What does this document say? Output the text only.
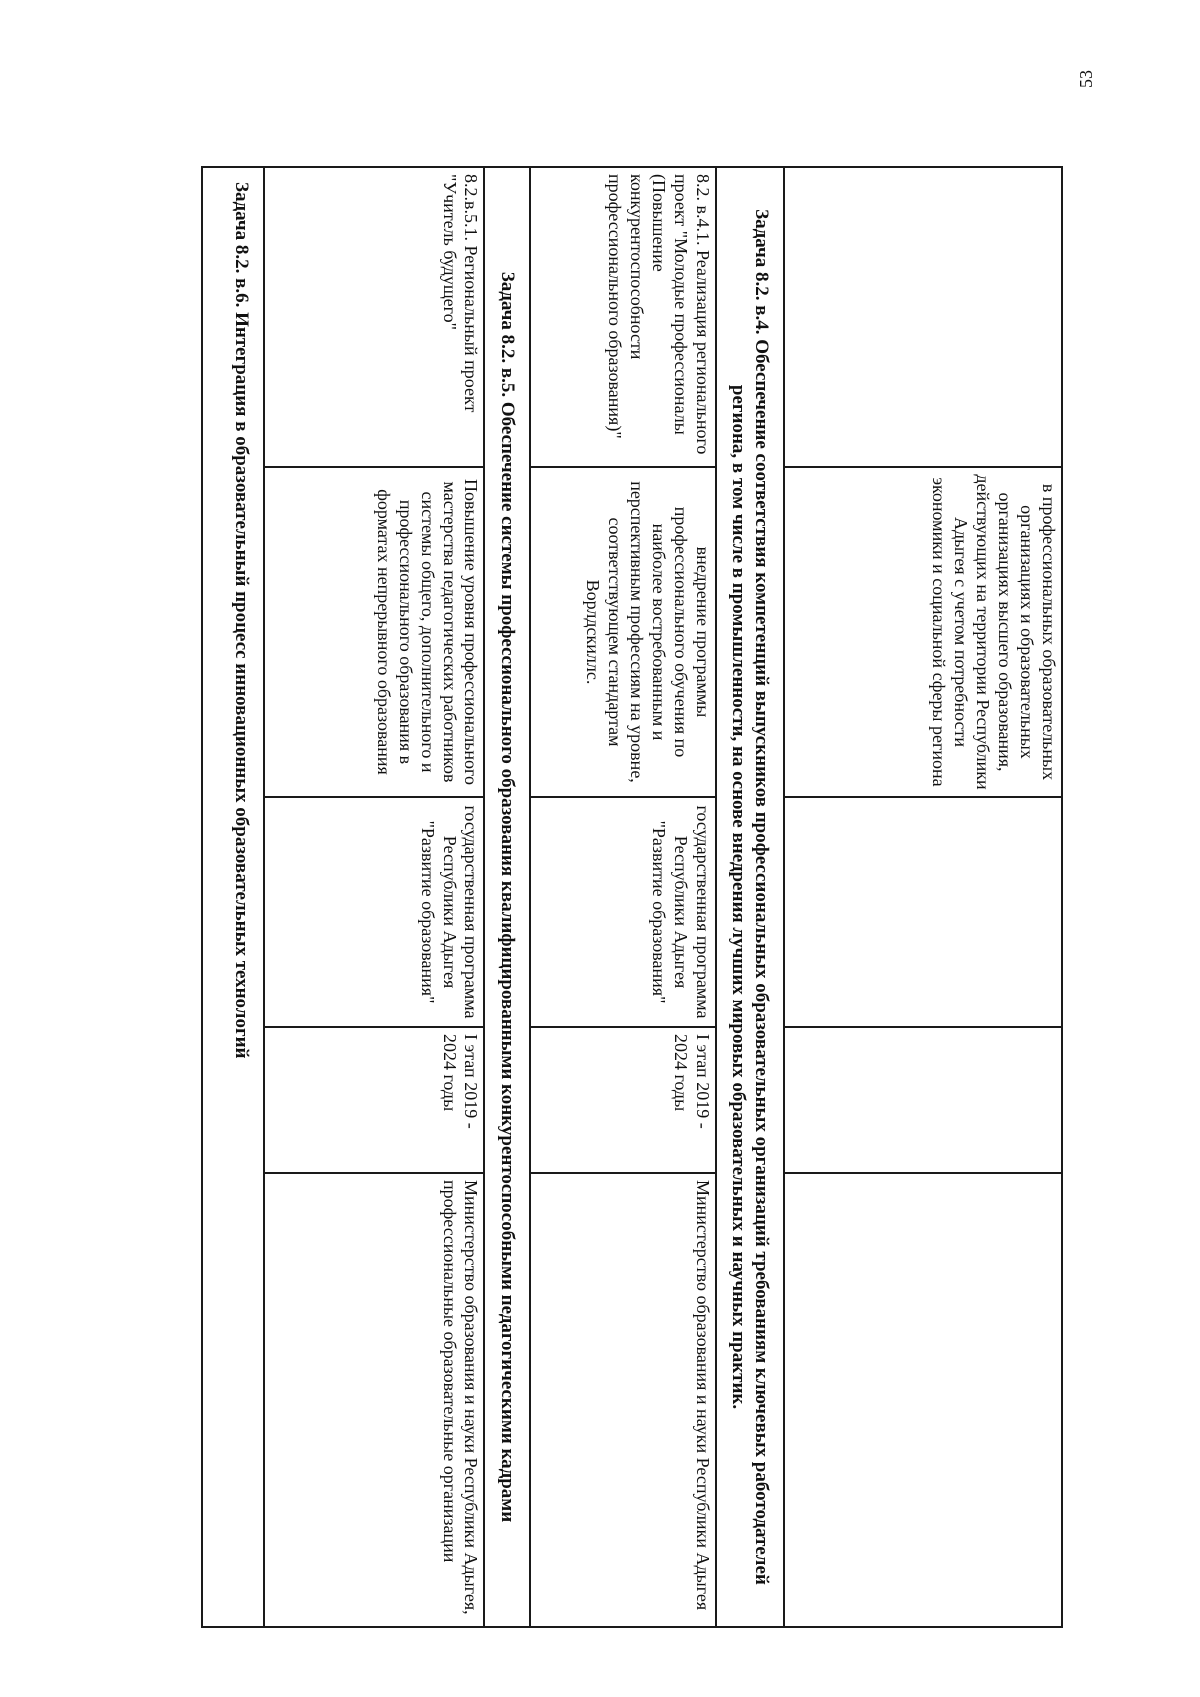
53
	в профессиональных образовательных организациях и образовательных организациях высшего образования, действующих на территории Республики Адыгея с учетом потребности экономики и социальной сферы региона			
Задача 8.2. в.4. Обеспечение соответствия компетенций выпускников профессиональных образовательных организаций требованиям ключевых работодателей региона, в том числе в промышленности, на основе внедрения лучших мировых образовательных и научных практик.				
8.2. в.4.1. Реализация регионального проект "Молодые профессионалы (Повышение конкурентоспособности профессионального образования)"	внедрение программы профессионального обучения по наиболее востребованным и перспективным профессиям на уровне, соответствующем стандартам Ворлдскиллс.	государственная программа Республики Адыгея "Развитие образования"	I этап 2019 - 2024 годы	Министерство образования и науки Республики Адыгея
Задача 8.2. в.5. Обеспечение системы профессионального образования квалифицированными конкурентоспособными педагогическими кадрами				
8.2.в.5.1. Региональный проект "Учитель будущего"	Повышение уровня профессионального мастерства педагогических работников системы общего, дополнительного и профессионального образования в форматах непрерывного образования	государственная программа Республики Адыгея "Развитие образования"	I этап 2019 - 2024 годы	Министерство образования и науки Республики Адыгея, профессиональные образовательные организации
Задача 8.2. в.6. Интеграция в образовательный процесс инновационных образовательных технологий				
